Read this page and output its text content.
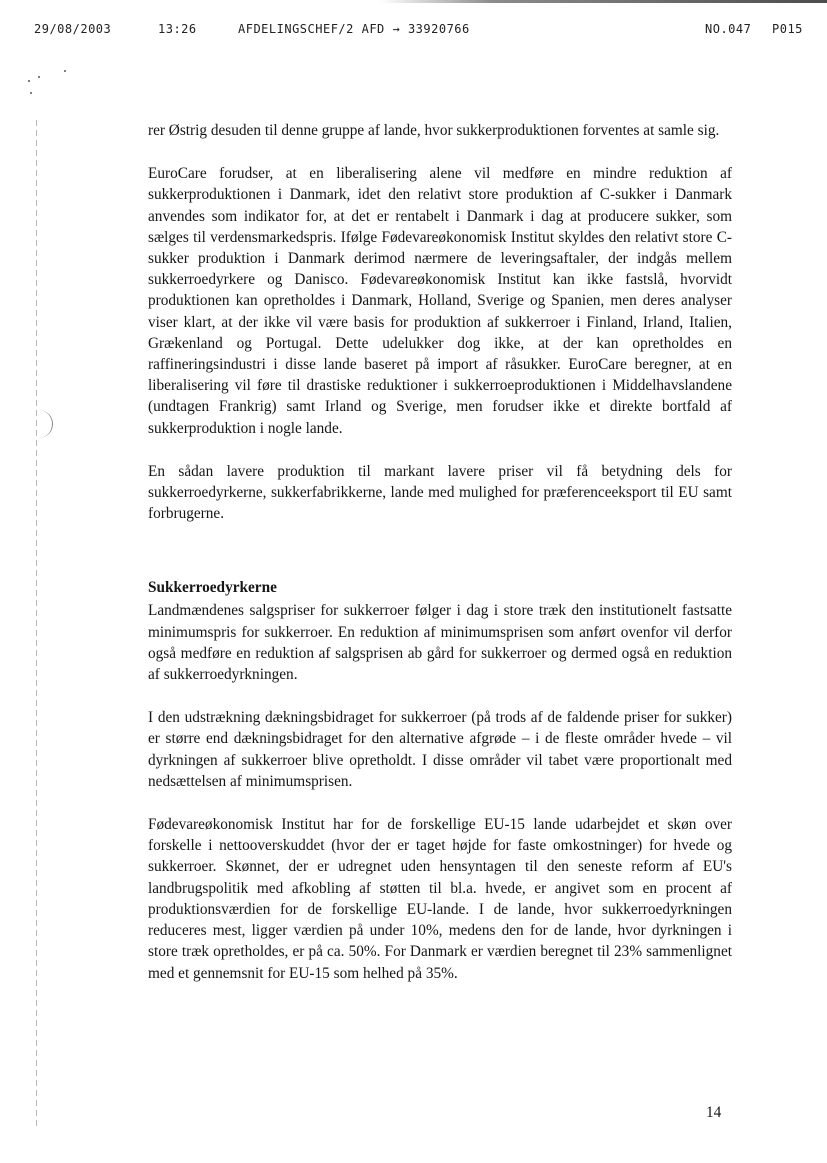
29/08/2003	13:26	AFDELINGSCHEF/2 AFD → 33920766	NO.047 P015

rer Østrig desuden til denne gruppe af lande, hvor sukkerproduktionen forventes at samle sig.

EuroCare forudser, at en liberalisering alene vil medføre en mindre reduktion af sukkerproduktionen i Danmark, idet den relativt store produktion af C-sukker i Danmark anvendes som indikator for, at det er rentabelt i Danmark i dag at producere sukker, som sælges til verdensmarkedspris. Ifølge Fødevareøkonomisk Institut skyldes den relativt store C-sukker produktion i Danmark derimod nærmere de leveringsaftaler, der indgås mellem sukkerroedyrkere og Danisco. Fødevareøkonomisk Institut kan ikke fastslå, hvorvidt produktionen kan opretholdes i Danmark, Holland, Sverige og Spanien, men deres analyser viser klart, at der ikke vil være basis for produktion af sukkerroer i Finland, Irland, Italien, Grækenland og Portugal. Dette udelukker dog ikke, at der kan opretholdes en raffineringsindustri i disse lande baseret på import af råsukker. EuroCare beregner, at en liberalisering vil føre til drastiske reduktioner i sukkerroeproduktionen i Middelhavslandene (undtagen Frankrig) samt Irland og Sverige, men forudser ikke et direkte bortfald af sukkerproduktion i nogle lande.

En sådan lavere produktion til markant lavere priser vil få betydning dels for sukkerroedyrkerne, sukkerfabrikkerne, lande med mulighed for præferenceeksport til EU samt forbrugerne.

Sukkerroedyrkerne

Landmændenes salgspriser for sukkerroer følger i dag i store træk den institutionelt fastsatte minimumspris for sukkerroer. En reduktion af minimumsprisen som anført ovenfor vil derfor også medføre en reduktion af salgsprisen ab gård for sukkerroer og dermed også en reduktion af sukkerroedyrkningen.

I den udstrækning dækningsbidraget for sukkerroer (på trods af de faldende priser for sukker) er større end dækningsbidraget for den alternative afgrøde – i de fleste områder hvede – vil dyrkningen af sukkerroer blive opretholdt. I disse områder vil tabet være proportionalt med nedsættelsen af minimumsprisen.

Fødevareøkonomisk Institut har for de forskellige EU-15 lande udarbejdet et skøn over forskelle i nettooverskuddet (hvor der er taget højde for faste omkostninger) for hvede og sukkerroer. Skønnet, der er udregnet uden hensyntagen til den seneste reform af EU's landbrugspolitik med afkobling af støtten til bl.a. hvede, er angivet som en procent af produktionsværdien for de forskellige EU-lande. I de lande, hvor sukkerroedyrkningen reduceres mest, ligger værdien på under 10%, medens den for de lande, hvor dyrkningen i store træk opretholdes, er på ca. 50%. For Danmark er værdien beregnet til 23% sammenlignet med et gennemsnit for EU-15 som helhed på 35%.

14
